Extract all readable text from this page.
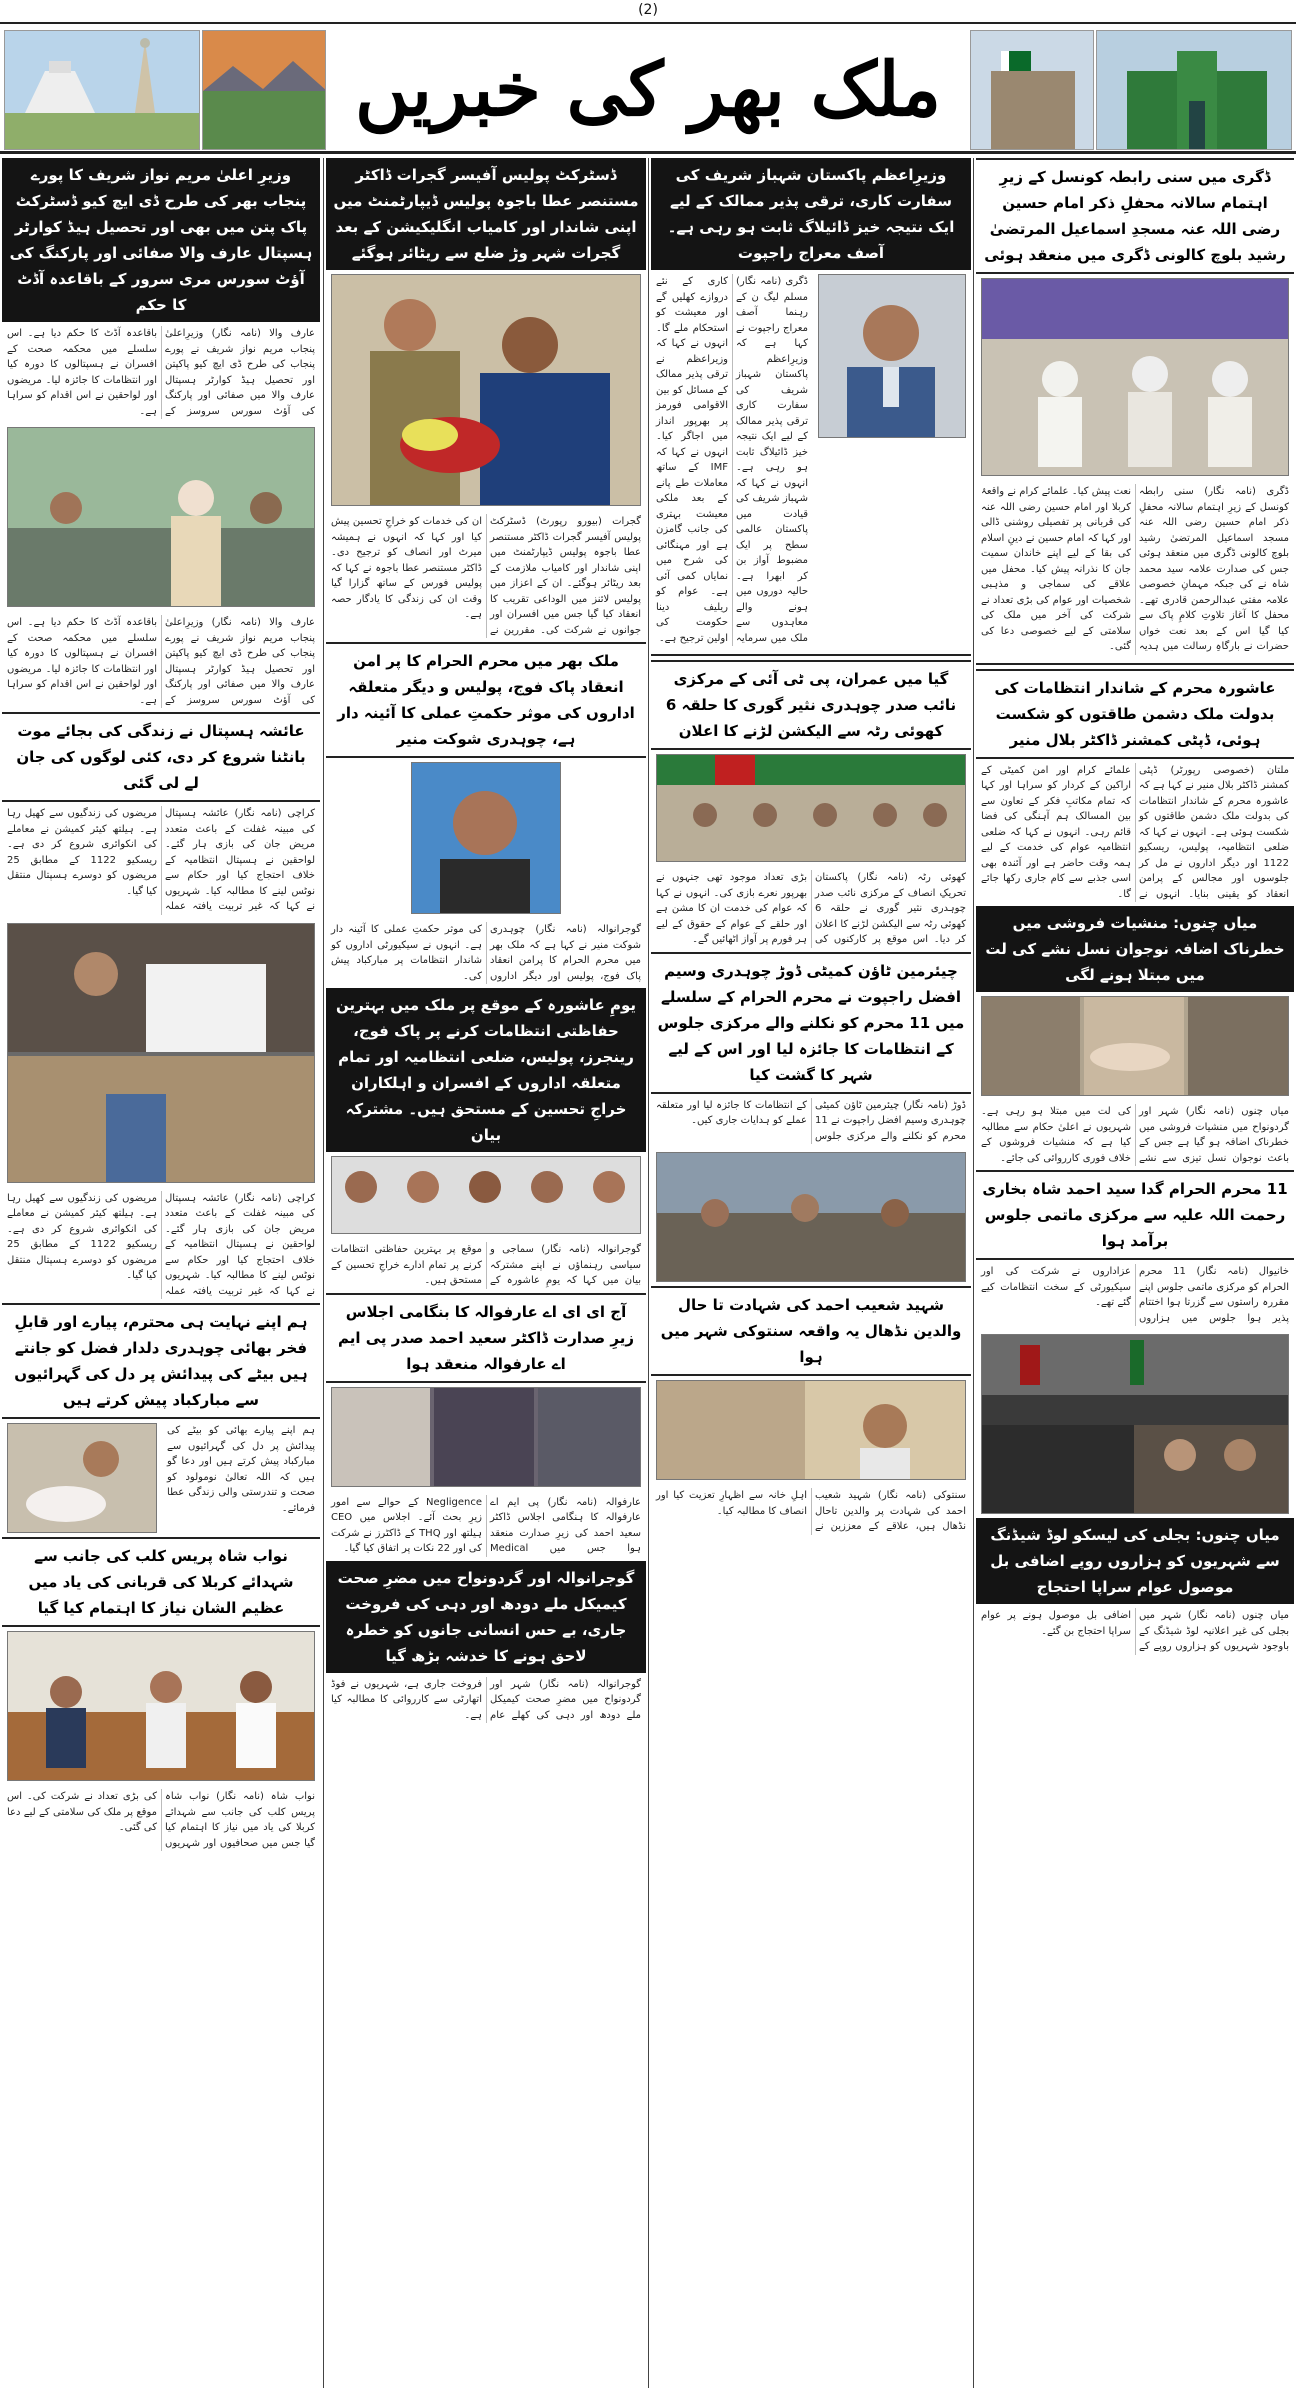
(2)
ملک بھر کی خبریں
ڈگری میں سنی رابطہ کونسل کے زیرِ اہتمام سالانہ محفلِ ذکر امام حسین رضی اللہ عنہ مسجدِ اسماعیل المرتضیٰ رشید بلوچ کالونی ڈگری میں منعقد ہوئی
ڈگری (نامہ نگار) سنی رابطہ کونسل کے زیرِ اہتمام سالانہ محفلِ ذکر امام حسین رضی اللہ عنہ مسجد اسماعیل المرتضیٰ رشید بلوچ کالونی ڈگری میں منعقد ہوئی جس کی صدارت علامہ سید محمد شاہ نے کی جبکہ مہمانِ خصوصی علامہ مفتی عبدالرحمن قادری تھے۔ محفل کا آغاز تلاوتِ کلامِ پاک سے کیا گیا اس کے بعد نعت خواں حضرات نے بارگاہِ رسالت میں ہدیہ نعت پیش کیا۔ علمائے کرام نے واقعۂ کربلا اور امام حسین رضی اللہ عنہ کی قربانی پر تفصیلی روشنی ڈالی اور کہا کہ امام حسین نے دینِ اسلام کی بقا کے لیے اپنے خاندان سمیت جان کا نذرانہ پیش کیا۔ محفل میں علاقے کی سماجی و مذہبی شخصیات اور عوام کی بڑی تعداد نے شرکت کی آخر میں ملک کی سلامتی کے لیے خصوصی دعا کی گئی۔
عاشورہ محرم کے شاندار انتظامات کی بدولت ملک دشمن طاقتوں کو شکست ہوئی، ڈپٹی کمشنر ڈاکٹر بلال منیر
ملتان (خصوصی رپورٹر) ڈپٹی کمشنر ڈاکٹر بلال منیر نے کہا ہے کہ عاشورہ محرم کے شاندار انتظامات کی بدولت ملک دشمن طاقتوں کو شکست ہوئی ہے۔ انہوں نے کہا کہ ضلعی انتظامیہ، پولیس، ریسکیو 1122 اور دیگر اداروں نے مل کر جلوسوں اور مجالس کے پرامن انعقاد کو یقینی بنایا۔ انہوں نے علمائے کرام اور امن کمیٹی کے اراکین کے کردار کو سراہا اور کہا کہ تمام مکاتبِ فکر کے تعاون سے بین المسالک ہم آہنگی کی فضا قائم رہی۔ انہوں نے کہا کہ ضلعی انتظامیہ عوام کی خدمت کے لیے ہمہ وقت حاضر ہے اور آئندہ بھی اسی جذبے سے کام جاری رکھا جائے گا۔
میاں چنوں: منشیات فروشی میں خطرناک اضافہ نوجوان نسل نشے کی لت میں مبتلا ہونے لگی
میاں چنوں (نامہ نگار) شہر اور گردونواح میں منشیات فروشی میں خطرناک اضافہ ہو گیا ہے جس کے باعث نوجوان نسل تیزی سے نشے کی لت میں مبتلا ہو رہی ہے۔ شہریوں نے اعلیٰ حکام سے مطالبہ کیا ہے کہ منشیات فروشوں کے خلاف فوری کارروائی کی جائے۔
11 محرم الحرام گدا سید احمد شاہ بخاری رحمت اللہ علیہ سے مرکزی ماتمی جلوس برآمد ہوا
خانیوال (نامہ نگار) 11 محرم الحرام کو مرکزی ماتمی جلوس اپنے مقررہ راستوں سے گزرتا ہوا اختتام پذیر ہوا جلوس میں ہزاروں عزاداروں نے شرکت کی اور سیکیورٹی کے سخت انتظامات کیے گئے تھے۔
میاں چنوں: بجلی کی لیسکو لوڈ شیڈنگ سے شہریوں کو ہزاروں روپے اضافی بل موصول عوام سراپا احتجاج
میاں چنوں (نامہ نگار) شہر میں بجلی کی غیر اعلانیہ لوڈ شیڈنگ کے باوجود شہریوں کو ہزاروں روپے کے اضافی بل موصول ہونے پر عوام سراپا احتجاج بن گئے۔
وزیرِاعظم پاکستان شہباز شریف کی سفارت کاری، ترقی پذیر ممالک کے لیے ایک نتیجہ خیز ڈائیلاگ ثابت ہو رہی ہے۔ آصف معراج راجپوت
ڈگری (نامہ نگار) مسلم لیگ ن کے رہنما آصف معراج راجپوت نے کہا ہے کہ وزیرِاعظم پاکستان شہباز شریف کی سفارت کاری ترقی پذیر ممالک کے لیے ایک نتیجہ خیز ڈائیلاگ ثابت ہو رہی ہے۔ انہوں نے کہا کہ شہباز شریف کی قیادت میں پاکستان عالمی سطح پر ایک مضبوط آواز بن کر ابھرا ہے۔ حالیہ دوروں میں ہونے والے معاہدوں سے ملک میں سرمایہ کاری کے نئے دروازے کھلیں گے اور معیشت کو استحکام ملے گا۔ انہوں نے کہا کہ وزیراعظم نے ترقی پذیر ممالک کے مسائل کو بین الاقوامی فورمز پر بھرپور انداز میں اجاگر کیا۔ انہوں نے کہا کہ IMF کے ساتھ معاملات طے پانے کے بعد ملکی معیشت بہتری کی جانب گامزن ہے اور مہنگائی کی شرح میں نمایاں کمی آئی ہے۔ عوام کو ریلیف دینا حکومت کی اولین ترجیح ہے۔
گیا میں عمران، پی ٹی آئی کے مرکزی نائب صدر چوہدری نثیر گوری کا حلقہ 6 کھوئی رٹہ سے الیکشن لڑنے کا اعلان
کھوئی رٹہ (نامہ نگار) پاکستان تحریکِ انصاف کے مرکزی نائب صدر چوہدری نثیر گوری نے حلقہ 6 کھوئی رٹہ سے الیکشن لڑنے کا اعلان کر دیا۔ اس موقع پر کارکنوں کی بڑی تعداد موجود تھی جنہوں نے بھرپور نعرے بازی کی۔ انہوں نے کہا کہ عوام کی خدمت ان کا مشن ہے اور حلقے کے عوام کے حقوق کے لیے ہر فورم پر آواز اٹھائیں گے۔
چیئرمین ٹاؤن کمیٹی ڈوڑ چوہدری وسیم افضل راجپوت نے محرم الحرام کے سلسلے میں 11 محرم کو نکلنے والے مرکزی جلوس کے انتظامات کا جائزہ لیا اور اس کے لیے شہر کا گشت کیا
ڈوڑ (نامہ نگار) چیئرمین ٹاؤن کمیٹی چوہدری وسیم افضل راجپوت نے 11 محرم کو نکلنے والے مرکزی جلوس کے انتظامات کا جائزہ لیا اور متعلقہ عملے کو ہدایات جاری کیں۔
شہید شعیب احمد کی شہادت تا حال والدین نڈھال یہ واقعہ سنتوکی شہر میں ہوا
سنتوکی (نامہ نگار) شہید شعیب احمد کی شہادت پر والدین تاحال نڈھال ہیں، علاقے کے معززین نے اہلِ خانہ سے اظہارِ تعزیت کیا اور انصاف کا مطالبہ کیا۔
ڈسٹرکٹ پولیس آفیسر گجرات ڈاکٹر مستنصر عطا باجوہ پولیس ڈیپارٹمنٹ میں اپنی شاندار اور کامیاب انگلیکیشن کے بعد گجرات شہر وڑ ضلع سے ریٹائر ہوگئے
گجرات (بیورو رپورٹ) ڈسٹرکٹ پولیس آفیسر گجرات ڈاکٹر مستنصر عطا باجوہ پولیس ڈیپارٹمنٹ میں اپنی شاندار اور کامیاب ملازمت کے بعد ریٹائر ہوگئے۔ ان کے اعزاز میں پولیس لائنز میں الوداعی تقریب کا انعقاد کیا گیا جس میں افسران اور جوانوں نے شرکت کی۔ مقررین نے ان کی خدمات کو خراجِ تحسین پیش کیا اور کہا کہ انہوں نے ہمیشہ میرٹ اور انصاف کو ترجیح دی۔ ڈاکٹر مستنصر عطا باجوہ نے کہا کہ پولیس فورس کے ساتھ گزارا گیا وقت ان کی زندگی کا یادگار حصہ ہے۔
ملک بھر میں محرم الحرام کا پر امن انعقاد پاک فوج، پولیس و دیگر متعلقہ اداروں کی موثر حکمتِ عملی کا آئینہ دار ہے، چوہدری شوکت منیر
گوجرانوالہ (نامہ نگار) چوہدری شوکت منیر نے کہا ہے کہ ملک بھر میں محرم الحرام کا پرامن انعقاد پاک فوج، پولیس اور دیگر اداروں کی موثر حکمتِ عملی کا آئینہ دار ہے۔ انہوں نے سیکیورٹی اداروں کو شاندار انتظامات پر مبارکباد پیش کی۔
یومِ عاشورہ کے موقع پر ملک میں بہترین حفاظتی انتظامات کرنے پر پاک فوج، رینجرز، پولیس، ضلعی انتظامیہ اور تمام متعلقہ اداروں کے افسران و اہلکاران خراجِ تحسین کے مستحق ہیں۔ مشترکہ بیان
گوجرانوالہ (نامہ نگار) سماجی و سیاسی رہنماؤں نے اپنے مشترکہ بیان میں کہا کہ یومِ عاشورہ کے موقع پر بہترین حفاظتی انتظامات کرنے پر تمام ادارے خراجِ تحسین کے مستحق ہیں۔
آج ای ای اے عارفوالہ کا بنگامی اجلاس زیرِ صدارت ڈاکٹر سعید احمد صدر پی ایم اے عارفوالہ منعقد ہوا
عارفوالہ (نامہ نگار) پی ایم اے عارفوالہ کا ہنگامی اجلاس ڈاکٹر سعید احمد کی زیرِ صدارت منعقد ہوا جس میں Medical Negligence کے حوالے سے امور زیرِ بحث آئے۔ اجلاس میں CEO ہیلتھ اور THQ کے ڈاکٹرز نے شرکت کی اور 22 نکات پر اتفاق کیا گیا۔
گوجرانوالہ اور گردونواح میں مضرِ صحت کیمیکل ملے دودھ اور دہی کی فروخت جاری، بے حس انسانی جانوں کو خطرہ لاحق ہونے کا خدشہ بڑھ گیا
گوجرانوالہ (نامہ نگار) شہر اور گردونواح میں مضرِ صحت کیمیکل ملے دودھ اور دہی کی کھلے عام فروخت جاری ہے، شہریوں نے فوڈ اتھارٹی سے کارروائی کا مطالبہ کیا ہے۔
وزیرِ اعلیٰ مریم نواز شریف کا پورے پنجاب بھر کی طرح ڈی ایچ کیو ڈسٹرکٹ پاک پتن میں بھی اور تحصیل ہیڈ کوارٹر ہسپتال عارف والا صفائی اور پارکنگ کی آؤٹ سورس مری سرور کے باقاعدہ آڈٹ کا حکم
عارف والا (نامہ نگار) وزیرِاعلیٰ پنجاب مریم نواز شریف نے پورے پنجاب کی طرح ڈی ایچ کیو پاکپتن اور تحصیل ہیڈ کوارٹر ہسپتال عارف والا میں صفائی اور پارکنگ کی آؤٹ سورس سروسز کے باقاعدہ آڈٹ کا حکم دیا ہے۔ اس سلسلے میں محکمہ صحت کے افسران نے ہسپتالوں کا دورہ کیا اور انتظامات کا جائزہ لیا۔ مریضوں اور لواحقین نے اس اقدام کو سراہا ہے۔
عارف والا (نامہ نگار) وزیرِاعلیٰ پنجاب مریم نواز شریف نے پورے پنجاب کی طرح ڈی ایچ کیو پاکپتن اور تحصیل ہیڈ کوارٹر ہسپتال عارف والا میں صفائی اور پارکنگ کی آؤٹ سورس سروسز کے باقاعدہ آڈٹ کا حکم دیا ہے۔ اس سلسلے میں محکمہ صحت کے افسران نے ہسپتالوں کا دورہ کیا اور انتظامات کا جائزہ لیا۔ مریضوں اور لواحقین نے اس اقدام کو سراہا ہے۔
عائشہ ہسپتال نے زندگی کی بجائے موت بانٹنا شروع کر دی، کئی لوگوں کی جان لے لی گئی
کراچی (نامہ نگار) عائشہ ہسپتال کی مبینہ غفلت کے باعث متعدد مریض جان کی بازی ہار گئے۔ لواحقین نے ہسپتال انتظامیہ کے خلاف احتجاج کیا اور حکام سے نوٹس لینے کا مطالبہ کیا۔ شہریوں نے کہا کہ غیر تربیت یافتہ عملہ مریضوں کی زندگیوں سے کھیل رہا ہے۔ ہیلتھ کیئر کمیشن نے معاملے کی انکوائری شروع کر دی ہے۔ ریسکیو 1122 کے مطابق 25 مریضوں کو دوسرے ہسپتال منتقل کیا گیا۔
کراچی (نامہ نگار) عائشہ ہسپتال کی مبینہ غفلت کے باعث متعدد مریض جان کی بازی ہار گئے۔ لواحقین نے ہسپتال انتظامیہ کے خلاف احتجاج کیا اور حکام سے نوٹس لینے کا مطالبہ کیا۔ شہریوں نے کہا کہ غیر تربیت یافتہ عملہ مریضوں کی زندگیوں سے کھیل رہا ہے۔ ہیلتھ کیئر کمیشن نے معاملے کی انکوائری شروع کر دی ہے۔ ریسکیو 1122 کے مطابق 25 مریضوں کو دوسرے ہسپتال منتقل کیا گیا۔
ہم اپنے نہایت ہی محترم، پیارے اور قابلِ فخر بھائی چوہدری دلدار فضل کو جانتے ہیں بیٹے کی پیدائش پر دل کی گہرائیوں سے مبارکباد پیش کرتے ہیں
ہم اپنے پیارے بھائی کو بیٹے کی پیدائش پر دل کی گہرائیوں سے مبارکباد پیش کرتے ہیں اور دعا گو ہیں کہ اللہ تعالیٰ نومولود کو صحت و تندرستی والی زندگی عطا فرمائے۔
نواب شاہ پریس کلب کی جانب سے شہدائے کربلا کی قربانی کی یاد میں عظیم الشان نیاز کا اہتمام کیا گیا
نواب شاہ (نامہ نگار) نواب شاہ پریس کلب کی جانب سے شہدائے کربلا کی یاد میں نیاز کا اہتمام کیا گیا جس میں صحافیوں اور شہریوں کی بڑی تعداد نے شرکت کی۔ اس موقع پر ملک کی سلامتی کے لیے دعا کی گئی۔
